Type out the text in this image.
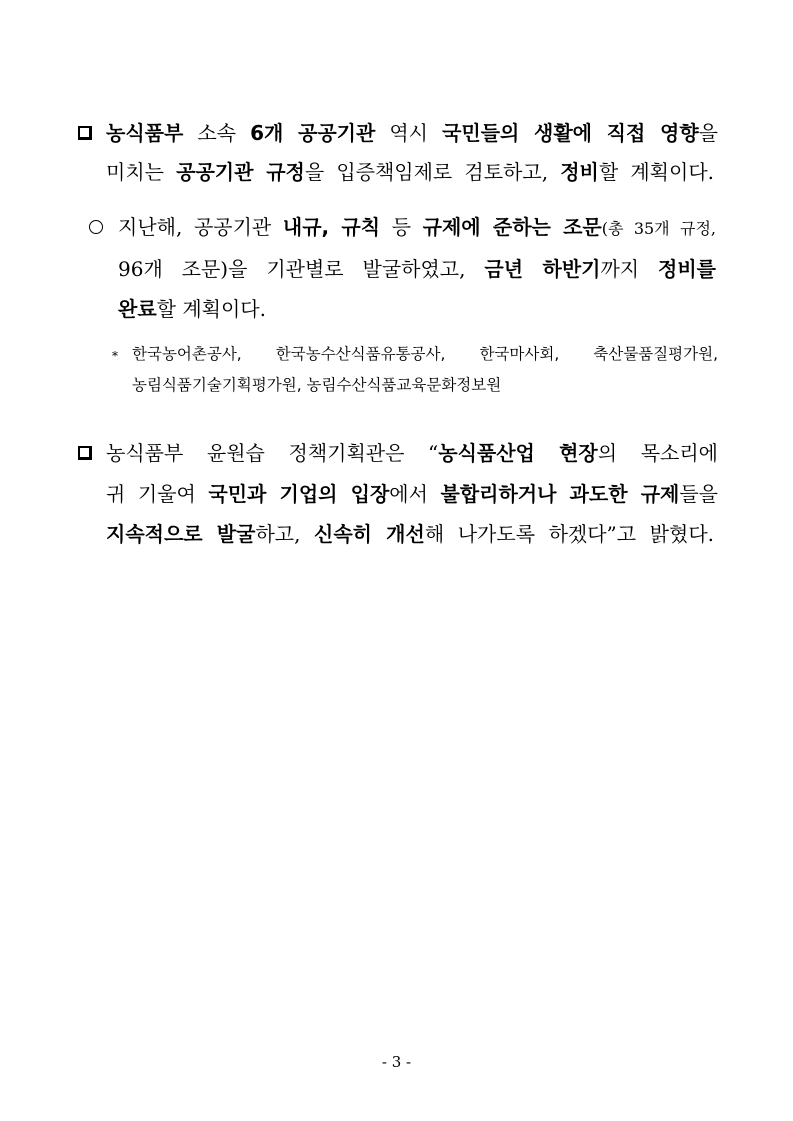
농식품부 소속 6개 공공기관 역시 국민들의 생활에 직접 영향을
미치는 공공기관 규정을 입증책임제로 검토하고, 정비할 계획이다.
지난해, 공공기관 내규, 규칙 등 규제에 준하는 조문(총 35개 규정,
96개 조문)을 기관별로 발굴하였고, 금년 하반기까지 정비를
완료할 계획이다.
* 한국농어촌공사, 한국농수산식품유통공사, 한국마사회, 축산물품질평가원,
농림식품기술기획평가원, 농림수산식품교육문화정보원
농식품부 윤원습 정책기획관은 “농식품산업 현장의 목소리에
귀 기울여 국민과 기업의 입장에서 불합리하거나 과도한 규제들을
지속적으로 발굴하고, 신속히 개선해 나가도록 하겠다”고 밝혔다.
- 3 -
